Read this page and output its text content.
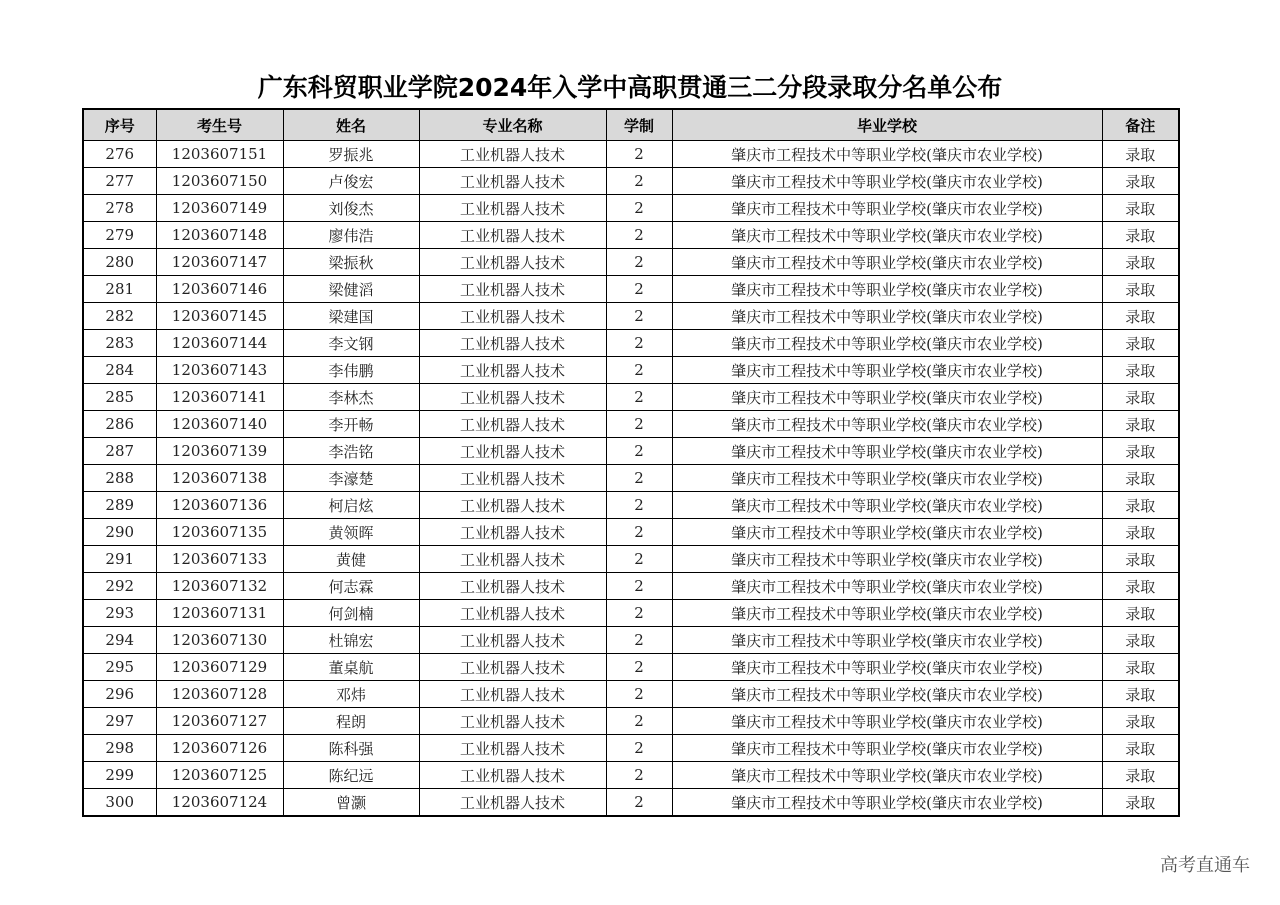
广东科贸职业学院2024年入学中高职贯通三二分段录取分名单公布
序号	考生号	姓名	专业名称	学制	毕业学校	备注
276	1203607151	罗振兆	工业机器人技术	2	肇庆市工程技术中等职业学校(肇庆市农业学校)	录取
277	1203607150	卢俊宏	工业机器人技术	2	肇庆市工程技术中等职业学校(肇庆市农业学校)	录取
278	1203607149	刘俊杰	工业机器人技术	2	肇庆市工程技术中等职业学校(肇庆市农业学校)	录取
279	1203607148	廖伟浩	工业机器人技术	2	肇庆市工程技术中等职业学校(肇庆市农业学校)	录取
280	1203607147	梁振秋	工业机器人技术	2	肇庆市工程技术中等职业学校(肇庆市农业学校)	录取
281	1203607146	梁健滔	工业机器人技术	2	肇庆市工程技术中等职业学校(肇庆市农业学校)	录取
282	1203607145	梁建国	工业机器人技术	2	肇庆市工程技术中等职业学校(肇庆市农业学校)	录取
283	1203607144	李文钢	工业机器人技术	2	肇庆市工程技术中等职业学校(肇庆市农业学校)	录取
284	1203607143	李伟鹏	工业机器人技术	2	肇庆市工程技术中等职业学校(肇庆市农业学校)	录取
285	1203607141	李林杰	工业机器人技术	2	肇庆市工程技术中等职业学校(肇庆市农业学校)	录取
286	1203607140	李开畅	工业机器人技术	2	肇庆市工程技术中等职业学校(肇庆市农业学校)	录取
287	1203607139	李浩铭	工业机器人技术	2	肇庆市工程技术中等职业学校(肇庆市农业学校)	录取
288	1203607138	李濠楚	工业机器人技术	2	肇庆市工程技术中等职业学校(肇庆市农业学校)	录取
289	1203607136	柯启炫	工业机器人技术	2	肇庆市工程技术中等职业学校(肇庆市农业学校)	录取
290	1203607135	黄领晖	工业机器人技术	2	肇庆市工程技术中等职业学校(肇庆市农业学校)	录取
291	1203607133	黄健	工业机器人技术	2	肇庆市工程技术中等职业学校(肇庆市农业学校)	录取
292	1203607132	何志霖	工业机器人技术	2	肇庆市工程技术中等职业学校(肇庆市农业学校)	录取
293	1203607131	何剑楠	工业机器人技术	2	肇庆市工程技术中等职业学校(肇庆市农业学校)	录取
294	1203607130	杜锦宏	工业机器人技术	2	肇庆市工程技术中等职业学校(肇庆市农业学校)	录取
295	1203607129	董桌航	工业机器人技术	2	肇庆市工程技术中等职业学校(肇庆市农业学校)	录取
296	1203607128	邓炜	工业机器人技术	2	肇庆市工程技术中等职业学校(肇庆市农业学校)	录取
297	1203607127	程朗	工业机器人技术	2	肇庆市工程技术中等职业学校(肇庆市农业学校)	录取
298	1203607126	陈科强	工业机器人技术	2	肇庆市工程技术中等职业学校(肇庆市农业学校)	录取
299	1203607125	陈纪远	工业机器人技术	2	肇庆市工程技术中等职业学校(肇庆市农业学校)	录取
300	1203607124	曾灏	工业机器人技术	2	肇庆市工程技术中等职业学校(肇庆市农业学校)	录取
高考直通车
